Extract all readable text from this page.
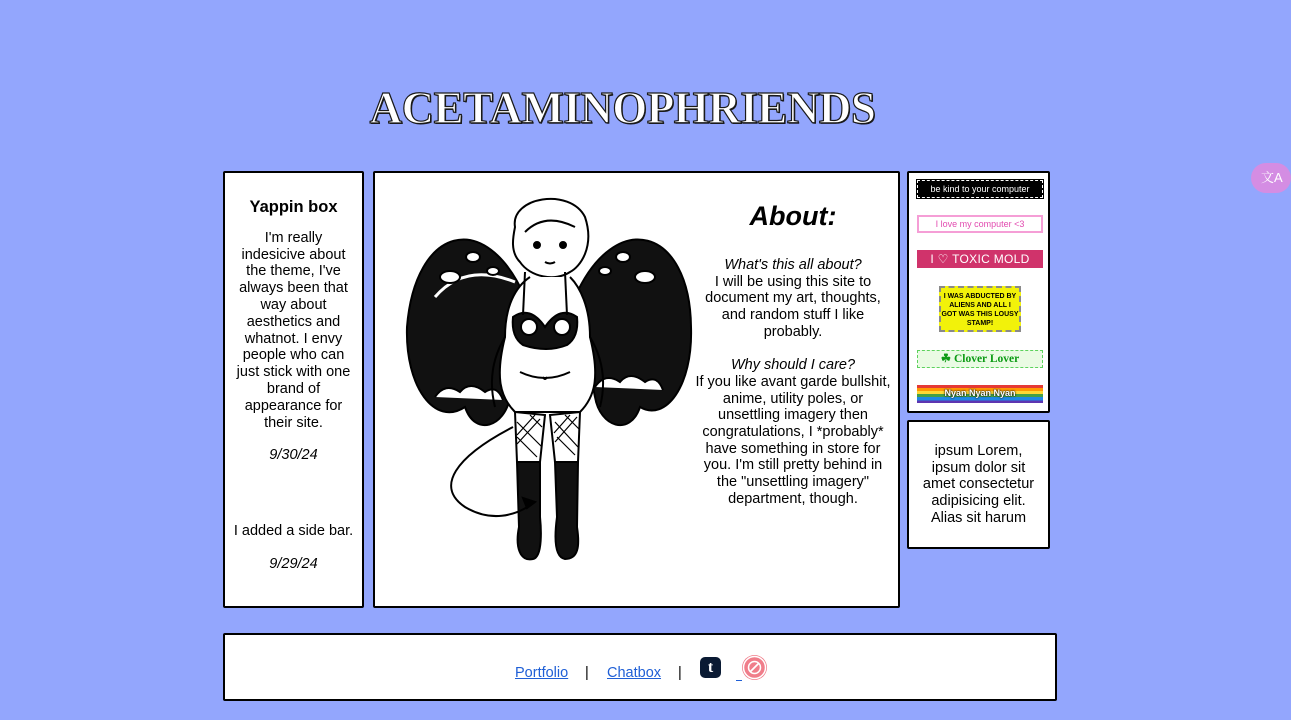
ACETAMINOPHRIENDS
Yappin box

I'm really indesicive about the theme, I've always been that way about aesthetics and whatnot. I envy people who can just stick with one brand of appearance for their site.

9/30/24

I added a side bar.

9/29/24

About:
What's this all about?

I will be using this site to document my art, thoughts, and random stuff I like probably.

Why should I care?

If you like avant garde bullshit, anime, utility poles, or unsettling imagery then congratulations, I *probably* have something in store for you. I'm still pretty behind in the "unsettling imagery" department, though.

be kind to your computer
I love my computer <3
I ♡ TOXIC MOLD
I WAS ABDUCTED BY ALIENS AND ALL I GOT WAS THIS LOUSY STAMP!
☘ Clover Lover
Nyan Nyan Nyan

ipsum Lorem, ipsum dolor sit amet consectetur adipisicing elit. Alias sit harum

Portfolio | Chatbox |	t
文A
